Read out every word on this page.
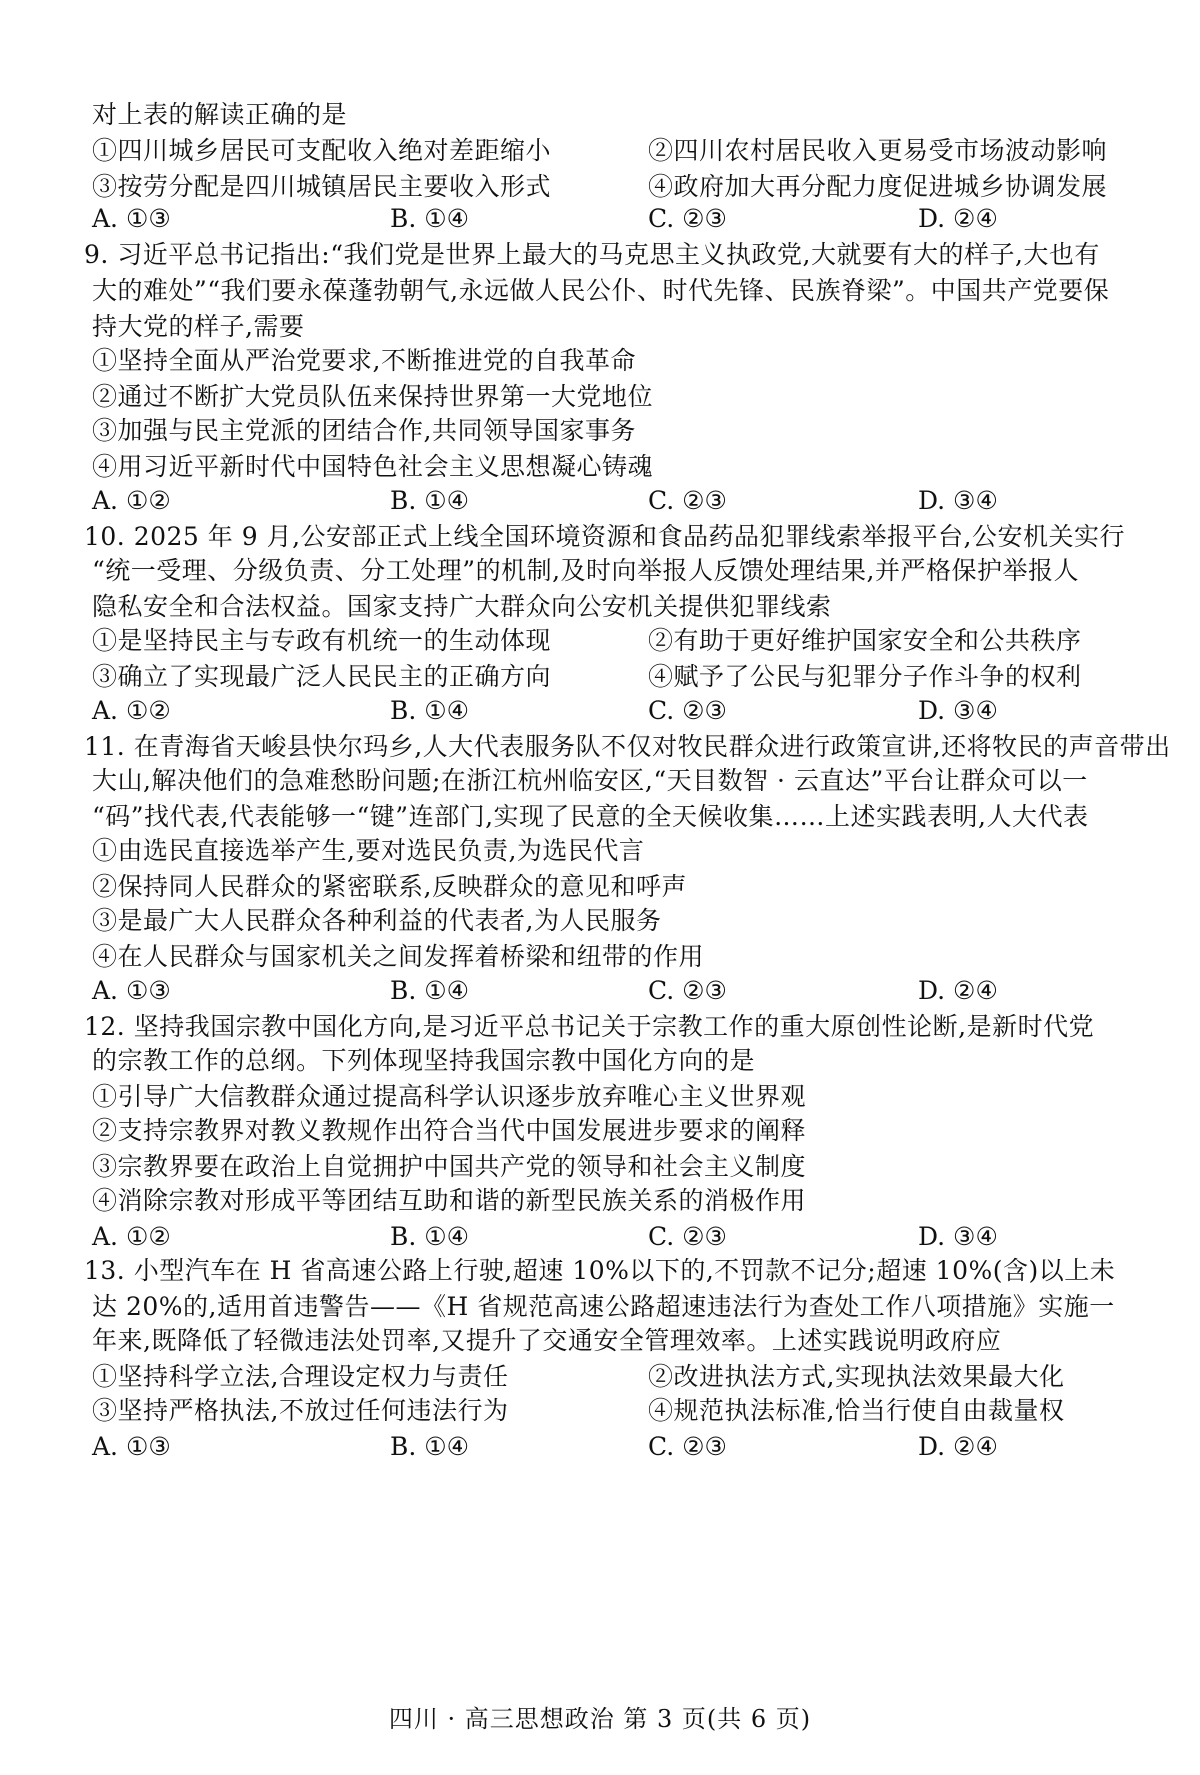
对上表的解读正确的是
①四川城乡居民可支配收入绝对差距缩小	②四川农村居民收入更易受市场波动影响
③按劳分配是四川城镇居民主要收入形式	④政府加大再分配力度促进城乡协调发展
A. ①③	B. ①④	C. ②③	D. ②④
9. 习近平总书记指出:“我们党是世界上最大的马克思主义执政党,大就要有大的样子,大也有
大的难处”“我们要永葆蓬勃朝气,永远做人民公仆、时代先锋、民族脊梁”。中国共产党要保
持大党的样子,需要
①坚持全面从严治党要求,不断推进党的自我革命
②通过不断扩大党员队伍来保持世界第一大党地位
③加强与民主党派的团结合作,共同领导国家事务
④用习近平新时代中国特色社会主义思想凝心铸魂
A. ①②	B. ①④	C. ②③	D. ③④
10. 2025 年 9 月,公安部正式上线全国环境资源和食品药品犯罪线索举报平台,公安机关实行
“统一受理、分级负责、分工处理”的机制,及时向举报人反馈处理结果,并严格保护举报人
隐私安全和合法权益。国家支持广大群众向公安机关提供犯罪线索
①是坚持民主与专政有机统一的生动体现	②有助于更好维护国家安全和公共秩序
③确立了实现最广泛人民民主的正确方向	④赋予了公民与犯罪分子作斗争的权利
A. ①②	B. ①④	C. ②③	D. ③④
11. 在青海省天峻县快尔玛乡,人大代表服务队不仅对牧民群众进行政策宣讲,还将牧民的声音带出
大山,解决他们的急难愁盼问题;在浙江杭州临安区,“天目数智 · 云直达”平台让群众可以一
“码”找代表,代表能够一“键”连部门,实现了民意的全天候收集……上述实践表明,人大代表
①由选民直接选举产生,要对选民负责,为选民代言
②保持同人民群众的紧密联系,反映群众的意见和呼声
③是最广大人民群众各种利益的代表者,为人民服务
④在人民群众与国家机关之间发挥着桥梁和纽带的作用
A. ①③	B. ①④	C. ②③	D. ②④
12. 坚持我国宗教中国化方向,是习近平总书记关于宗教工作的重大原创性论断,是新时代党
的宗教工作的总纲。下列体现坚持我国宗教中国化方向的是
①引导广大信教群众通过提高科学认识逐步放弃唯心主义世界观
②支持宗教界对教义教规作出符合当代中国发展进步要求的阐释
③宗教界要在政治上自觉拥护中国共产党的领导和社会主义制度
④消除宗教对形成平等团结互助和谐的新型民族关系的消极作用
A. ①②	B. ①④	C. ②③	D. ③④
13. 小型汽车在 H 省高速公路上行驶,超速 10%以下的,不罚款不记分;超速 10%(含)以上未
达 20%的,适用首违警告——《H 省规范高速公路超速违法行为查处工作八项措施》实施一
年来,既降低了轻微违法处罚率,又提升了交通安全管理效率。上述实践说明政府应
①坚持科学立法,合理设定权力与责任	②改进执法方式,实现执法效果最大化
③坚持严格执法,不放过任何违法行为	④规范执法标准,恰当行使自由裁量权
A. ①③	B. ①④	C. ②③	D. ②④
四川 · 高三思想政治 第 3 页(共 6 页)
